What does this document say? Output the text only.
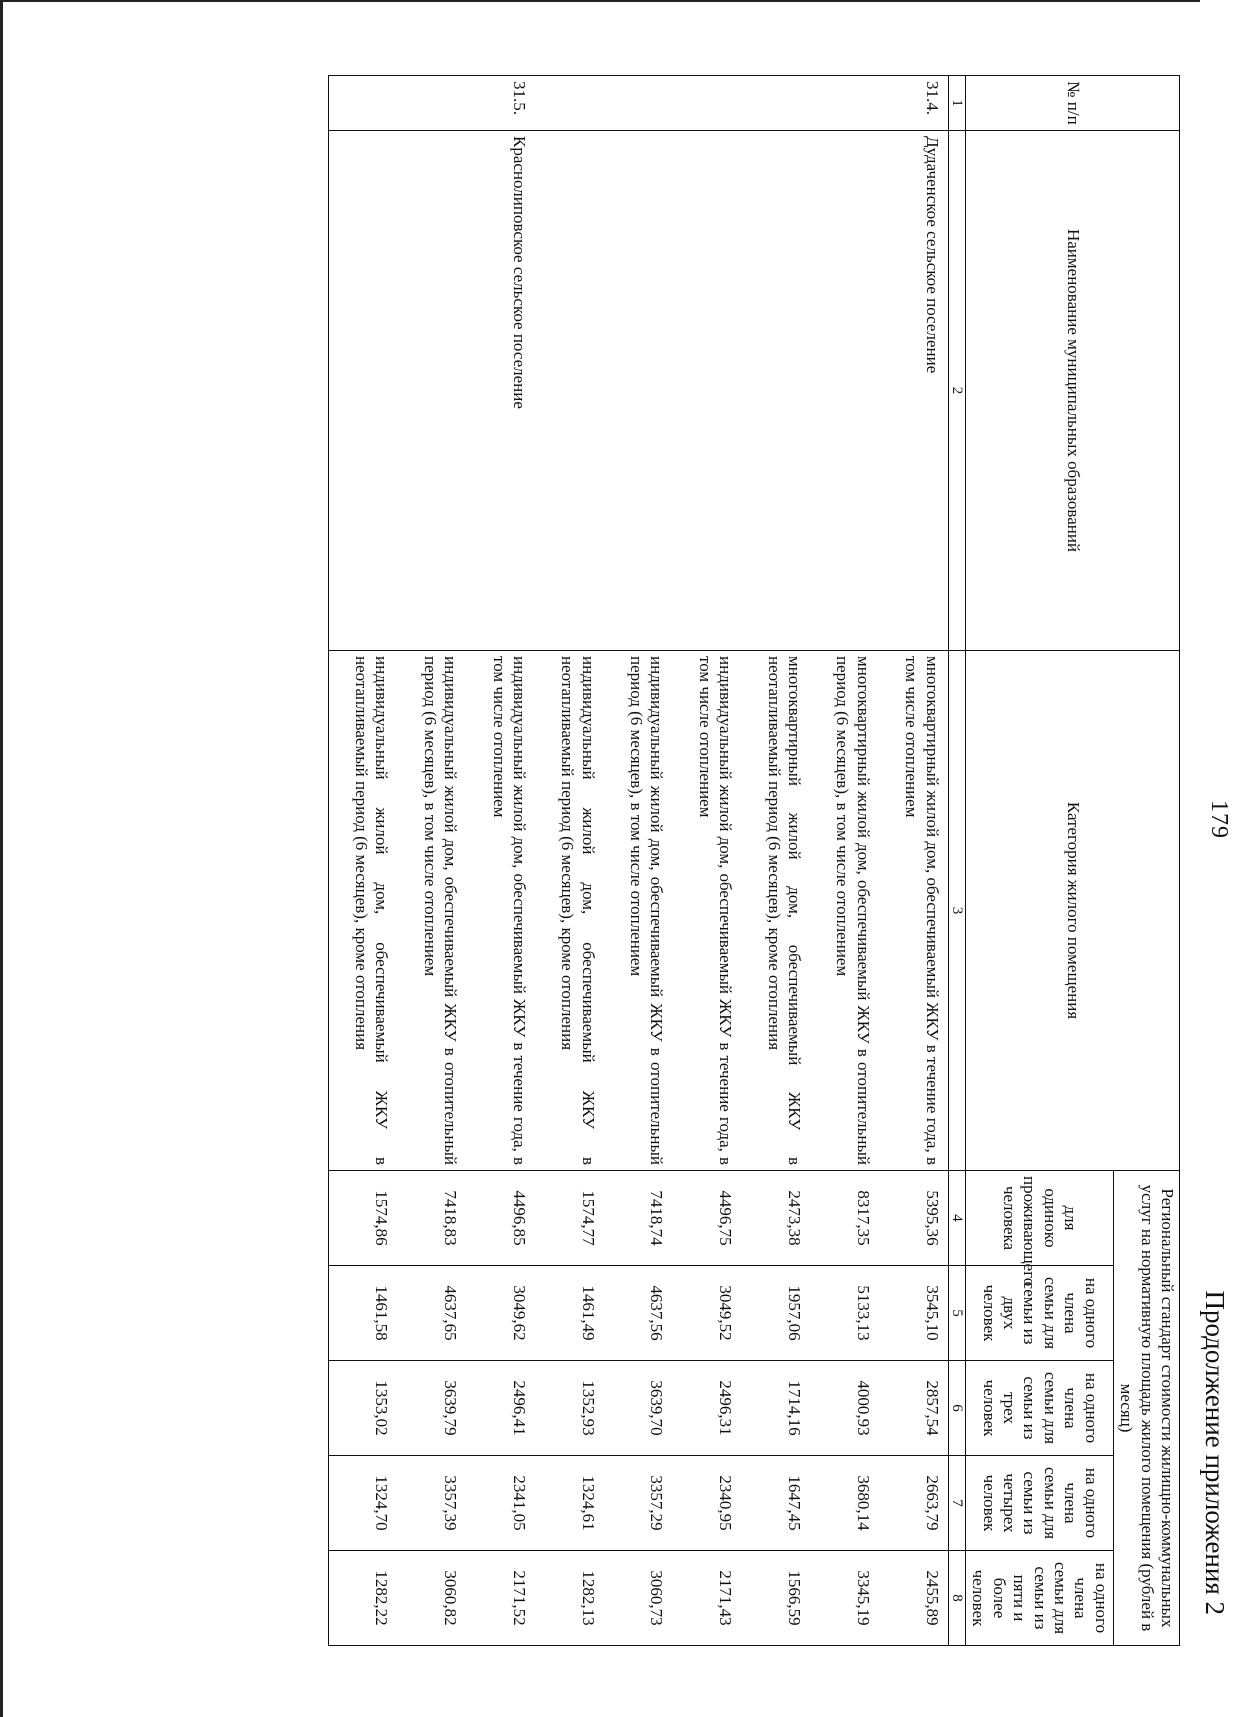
179
Продолжение приложения 2
№ п/п	Наименование муниципальных образований	Категория жилого помещения	Региональный стандарт стоимости жилищно-коммунальных услуг на нормативную площадь жилого помещения (рублей в месяц)				
			для одиноко проживающего человека	на одного члена семьи для семьи из двух человек	на одного члена семьи для семьи из трех человек	на одного члена семьи для семьи из четырех человек	на одного члена семьи для семьи из пяти и более человек
1	2	3	4	5	6	7	8
31.4.	Дудаченское сельское поселение	многоквартирный жилой дом, обеспечиваемый ЖКУ в течение года, в том числе отоплением	5395,36	3545,10	2857,54	2663,79	2455,89
		многоквартирный жилой дом, обеспечиваемый ЖКУ в отопительный период (6 месяцев), в том числе отоплением	8317,35	5133,13	4000,93	3680,14	3345,19
		многоквартирный жилой дом, обеспечиваемый ЖКУ в неотапливаемый период (6 месяцев), кроме отопления	2473,38	1957,06	1714,16	1647,45	1566,59
		индивидуальный жилой дом, обеспечиваемый ЖКУ в течение года, в том числе отоплением	4496,75	3049,52	2496,31	2340,95	2171,43
		индивидуальный жилой дом, обеспечиваемый ЖКУ в отопительный период (6 месяцев), в том числе отоплением	7418,74	4637,56	3639,70	3357,29	3060,73
		индивидуальный жилой дом, обеспечиваемый ЖКУ в неотапливаемый период (6 месяцев), кроме отопления	1574,77	1461,49	1352,93	1324,61	1282,13
31.5.	Краснолиповское сельское поселение	индивидуальный жилой дом, обеспечиваемый ЖКУ в течение года, в том числе отоплением	4496,85	3049,62	2496,41	2341,05	2171,52
		индивидуальный жилой дом, обеспечиваемый ЖКУ в отопительный период (6 месяцев), в том числе отоплением	7418,83	4637,65	3639,79	3357,39	3060,82
		индивидуальный жилой дом, обеспечиваемый ЖКУ в неотапливаемый период (6 месяцев), кроме отопления	1574,86	1461,58	1353,02	1324,70	1282,22
